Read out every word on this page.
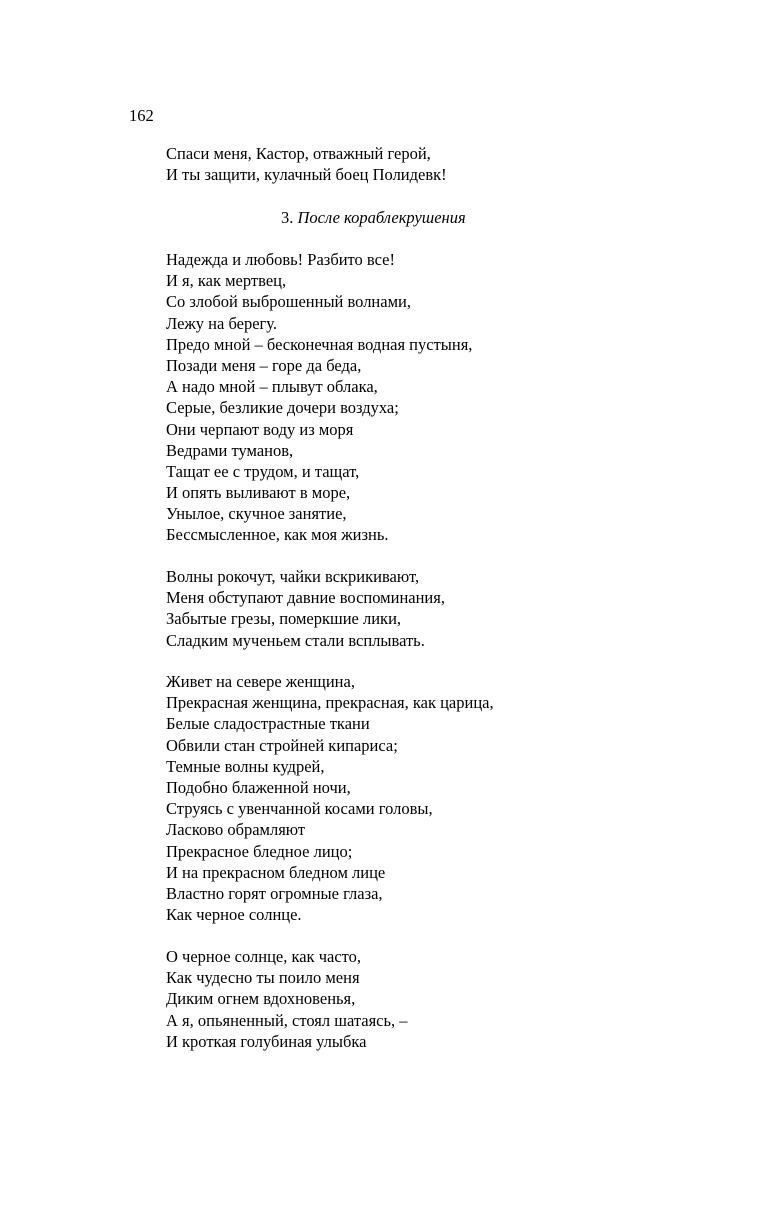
162

Спаси меня, Кастор, отважный герой,
И ты защити, кулачный боец Полидевк!
3. После кораблекрушения
Надежда и любовь! Разбито все!
И я, как мертвец,
Со злобой выброшенный волнами,
Лежу на берегу.
Предо мной – бесконечная водная пустыня,
Позади меня – горе да беда,
А надо мной – плывут облака,
Серые, безликие дочери воздуха;
Они черпают воду из моря
Ведрами туманов,
Тащат ее с трудом, и тащат,
И опять выливают в море,
Унылое, скучное занятие,
Бессмысленное, как моя жизнь.
Волны рокочут, чайки вскрикивают,
Меня обступают давние воспоминания,
Забытые грезы, померкшие лики,
Сладким мученьем стали всплывать.
Живет на севере женщина,
Прекрасная женщина, прекрасная, как царица,
Белые сладострастные ткани
Обвили стан стройней кипариса;
Темные волны кудрей,
Подобно блаженной ночи,
Струясь с увенчанной косами головы,
Ласково обрамляют
Прекрасное бледное лицо;
И на прекрасном бледном лице
Властно горят огромные глаза,
Как черное солнце.
О черное солнце, как часто,
Как чудесно ты поило меня
Диким огнем вдохновенья,
А я, опьяненный, стоял шатаясь, –
И кроткая голубиная улыбка
